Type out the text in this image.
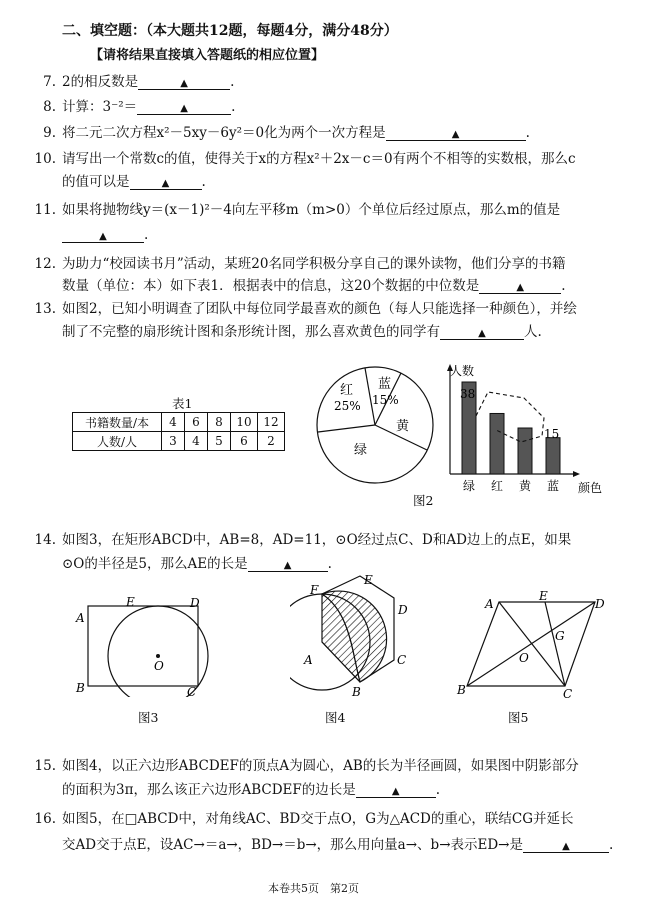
二、填空题：（本大题共12题，每题4分，满分48分）
【请将结果直接填入答题纸的相应位置】
7. 2的相反数是	▲	.
8. 计算：3⁻²＝	▲	.
9. 将二元二次方程x²－5xy－6y²＝0化为两个一次方程是	▲	.
10. 请写出一个常数c的值，使得关于x的方程x²＋2x－c＝0有两个不相等的实数根，那么c
的值可以是	▲ .
11. 如果将抛物线y＝(x－1)²－4向左平移m（m>0）个单位后经过原点，那么m的值是
▲	.
12. 为助力“校园读书月”活动，某班20名同学积极分享自己的课外读物，他们分享的书籍
数量（单位：本）如下表1．根据表中的信息，这20个数据的中位数是	▲	.
13. 如图2，已知小明调查了团队中每位同学最喜欢的颜色（每人只能选择一种颜色），并绘
制了不完整的扇形统计图和条形统计图，那么喜欢黄色的同学有	▲	人.
表1
书籍数量/本	4	6	8	10	12
人数/人	3	4	5	6	2
红
25%
蓝
15%
黄
绿
人数
颜色
38
15
绿 红 黄 蓝
图2
14. 如图3，在矩形ABCD中，AB=8，AD=11，⊙O经过点C、D和AD边上的点E，如果
⊙O的半径是5，那么AE的长是	▲	.
A
B	C
D
E
O
图3
F
A
B
C
D
E
图4
A
B	C
D
E
G
O
图5
15. 如图4，以正六边形ABCDEF的顶点A为圆心，AB的长为半径画圆，如果图中阴影部分
的面积为3π，那么该正六边形ABCDEF的边长是	▲	.
16. 如图5，在□ABCD中，对角线AC、BD交于点O，G为△ACD的重心，联结CG并延长
交AD交于点E，设AC→＝a→，BD→＝b→，那么用向量a→、b→表示ED→是	▲	.
本卷共5页　第2页
